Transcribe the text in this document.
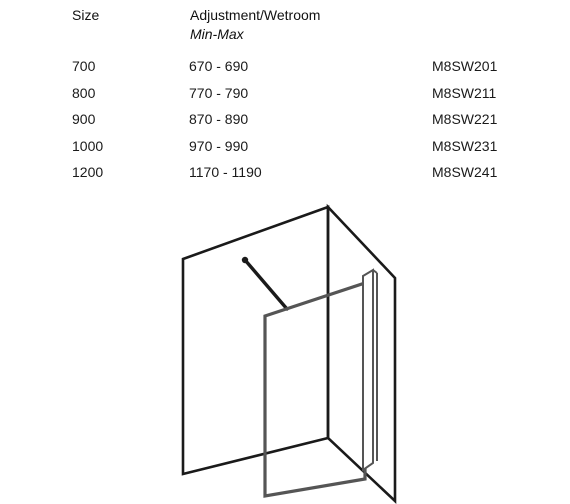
Size	Adjustment/Wetroom
Min-Max
700	670 - 690	M8SW201
800	770 - 790	M8SW211
900	870 - 890	M8SW221
1000	970 - 990	M8SW231
1200	1170 - 1190	M8SW241
